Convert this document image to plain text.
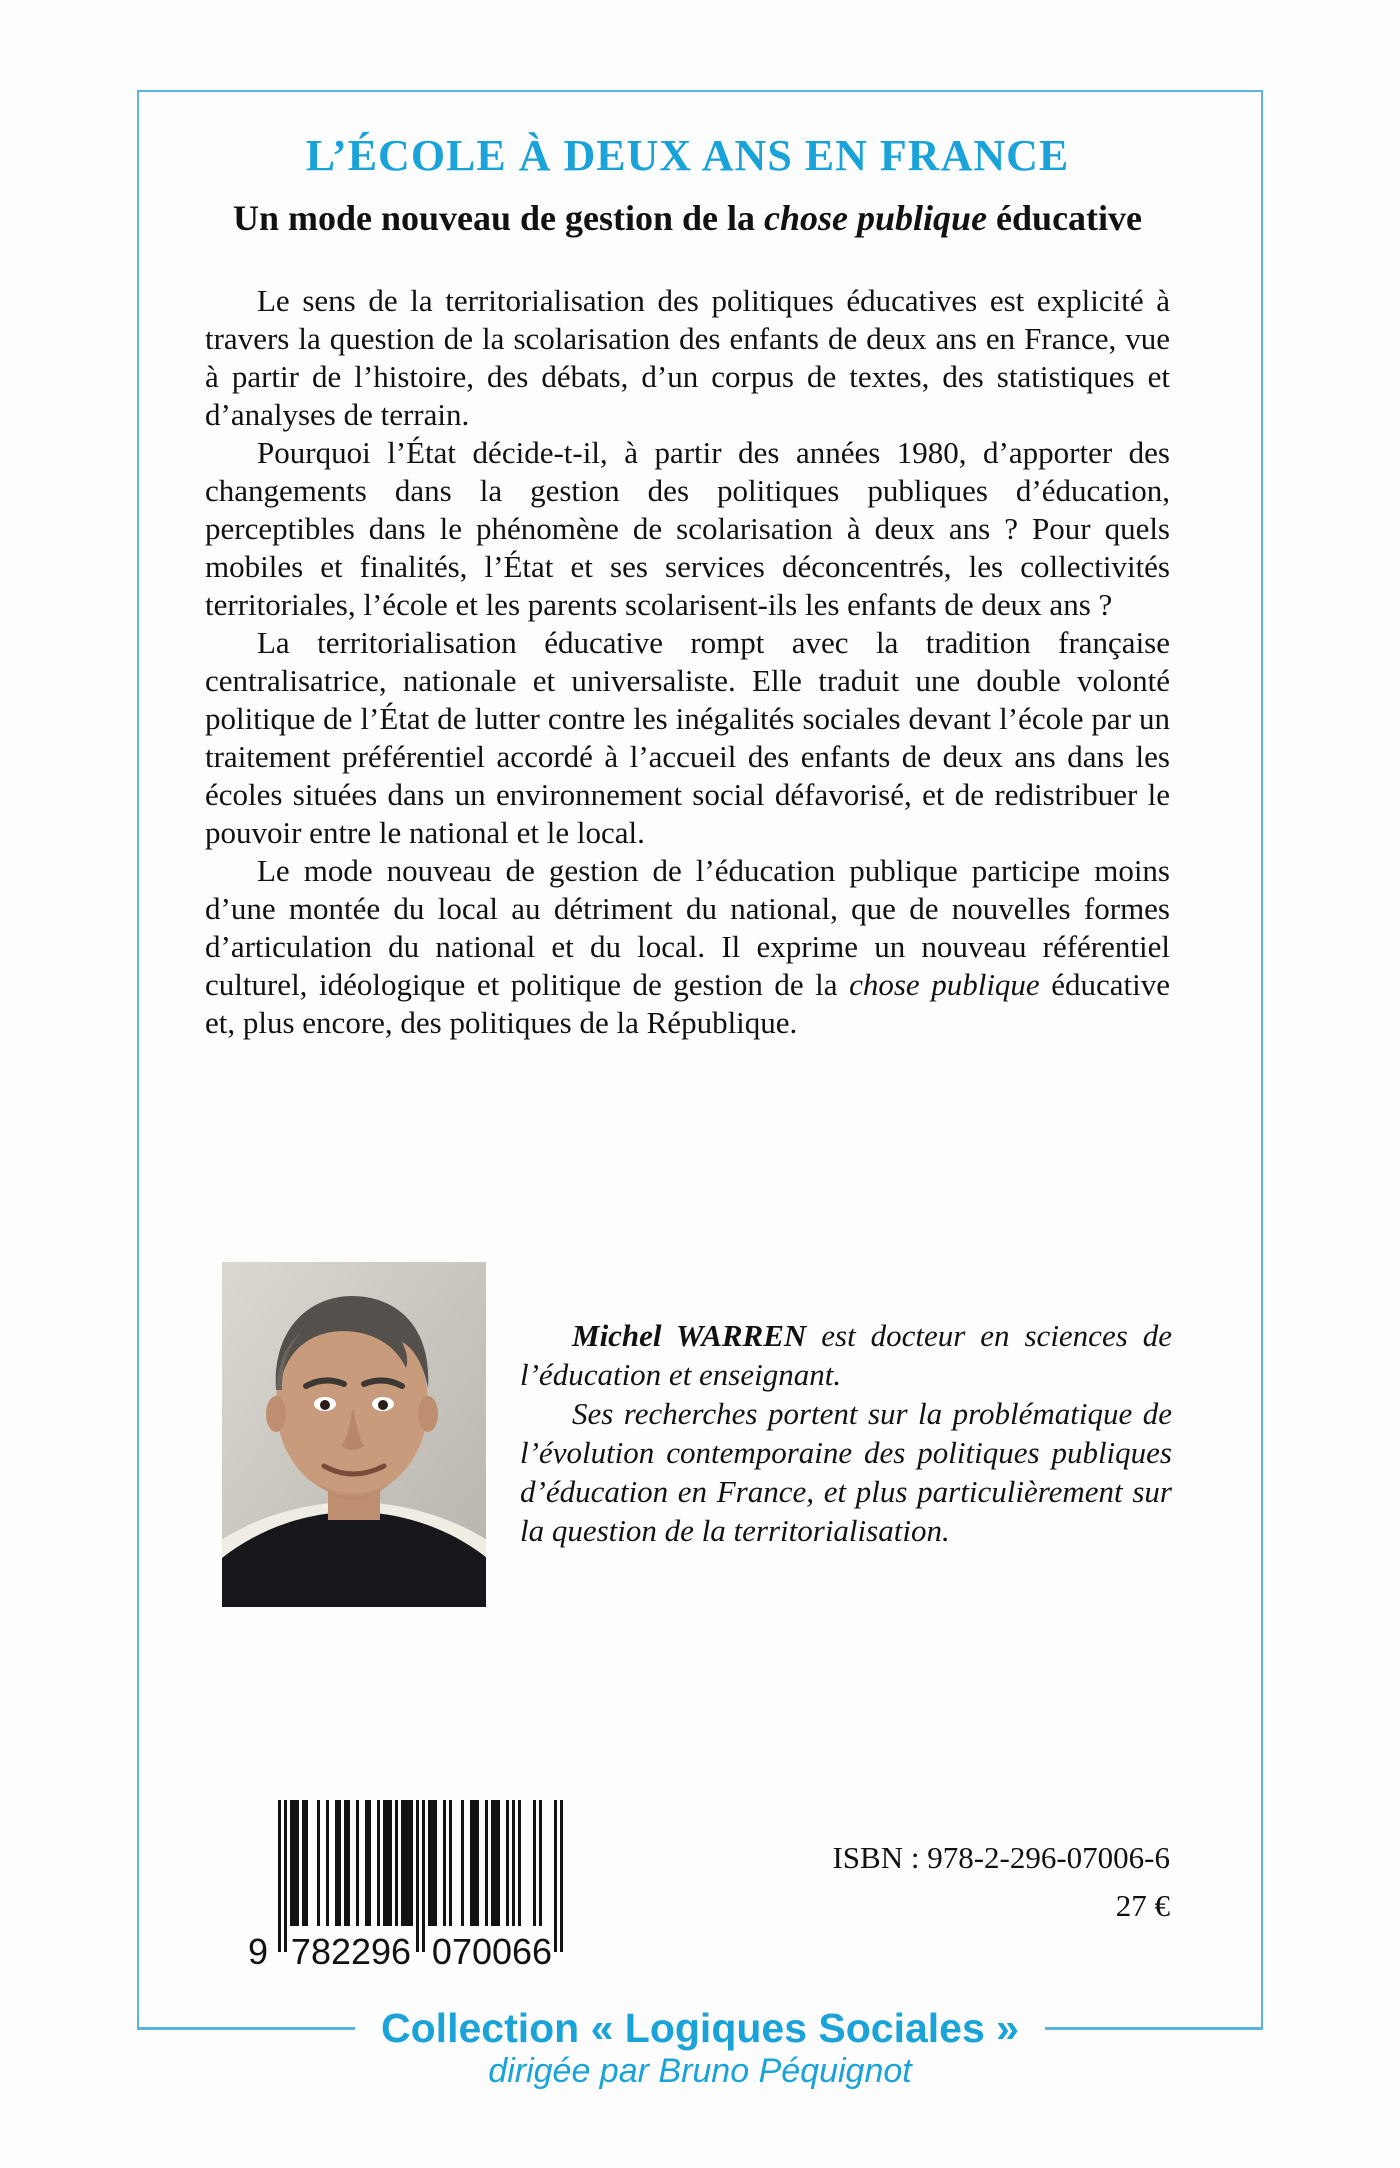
L’ÉCOLE À DEUX ANS EN FRANCE
Un mode nouveau de gestion de la chose publique éducative

Le sens de la territorialisation des politiques éducatives est explicité à travers la question de la scolarisation des enfants de deux ans en France, vue à partir de l’histoire, des débats, d’un corpus de textes, des statistiques et d’analyses de terrain.

Pourquoi l’État décide-t-il, à partir des années 1980, d’apporter des changements dans la gestion des politiques publiques d’éducation, perceptibles dans le phénomène de scolarisation à deux ans ? Pour quels mobiles et finalités, l’État et ses services déconcentrés, les collectivités territoriales, l’école et les parents scolarisent-ils les enfants de deux ans ?

La territorialisation éducative rompt avec la tradition française centralisatrice, nationale et universaliste. Elle traduit une double volonté politique de l’État de lutter contre les inégalités sociales devant l’école par un traitement préférentiel accordé à l’accueil des enfants de deux ans dans les écoles situées dans un environnement social défavorisé, et de redistribuer le pouvoir entre le national et le local.

Le mode nouveau de gestion de l’éducation publique participe moins d’une montée du local au détriment du national, que de nouvelles formes d’articulation du national et du local. Il exprime un nouveau référentiel culturel, idéologique et politique de gestion de la chose publique éducative et, plus encore, des politiques de la République.

Michel WARREN est docteur en sciences de l’éducation et enseignant.

Ses recherches portent sur la problématique de l’évolution contemporaine des politiques publiques d’éducation en France, et plus particulièrement sur la question de la territorialisation.

9 782296 070066

ISBN : 978-2-296-07006-6

27 €

Collection « Logiques Sociales »

dirigée par Bruno Péquignot
